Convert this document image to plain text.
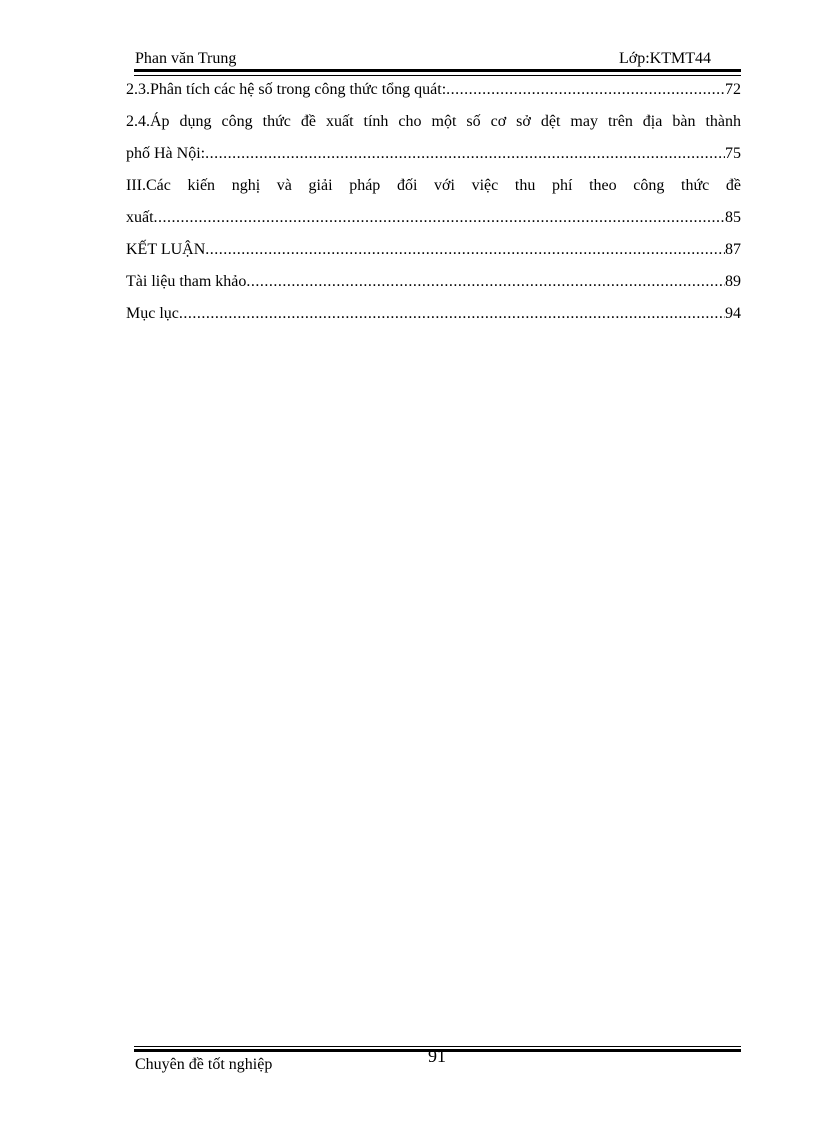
Phan văn Trung	Lớp:KTMT44
2.3.Phân tích các hệ số trong công thức tổng quát: .....	72
2.4.Áp dụng công thức đề xuất tính cho một số cơ sở dệt may trên địa bàn thành
phố Hà Nội: .....	75
III.Các kiến nghị và giải pháp đối với việc thu phí theo công thức đề
xuất .....	85
KẾT LUẬN .....	87
Tài liệu tham khảo .....	89
Mục lục .....	94
91
Chuyên đề tốt nghiệp
